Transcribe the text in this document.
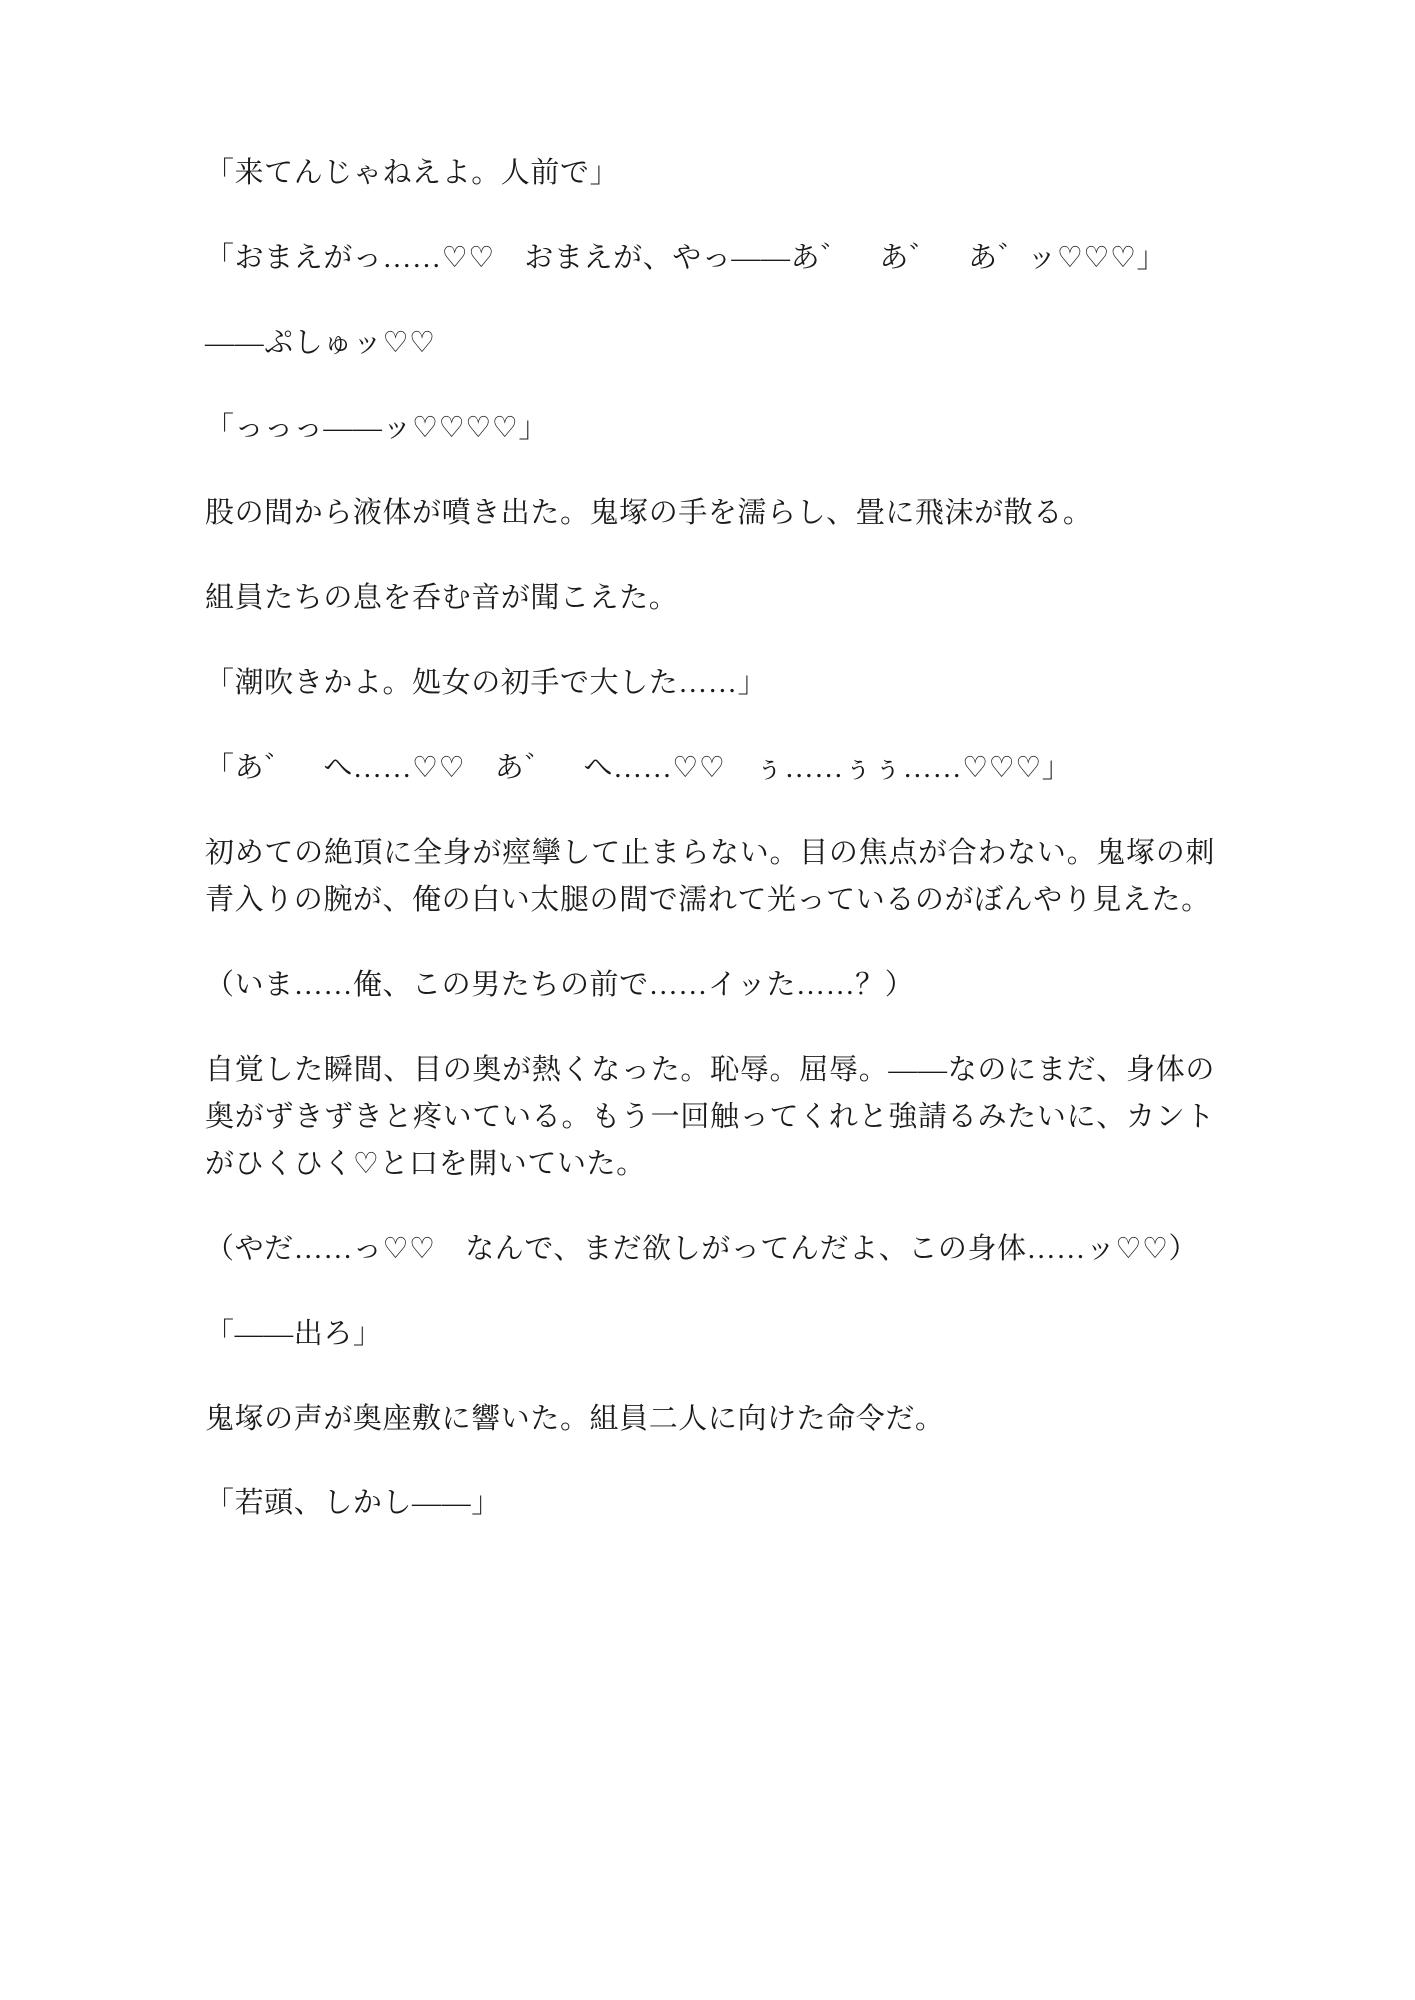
「来てんじゃねえよ。人前で」

「おまえがっ……♡♡　おまえが、やっ――あ゛　あ゛　あ゛ッ♡♡♡」

――ぷしゅッ♡♡

「っっっ――ッ♡♡♡♡」

股の間から液体が噴き出た。鬼塚の手を濡らし、畳に飛沫が散る。

組員たちの息を呑む音が聞こえた。

「潮吹きかよ。処女の初手で大した……」

「あ゛　へ……♡♡　あ゛　へ……♡♡　ぅ……ぅぅ……♡♡♡」

初めての絶頂に全身が痙攣して止まらない。目の焦点が合わない。鬼塚の刺青入りの腕が、俺の白い太腿の間で濡れて光っているのがぼんやり見えた。

（いま……俺、この男たちの前で……イッた……？）

自覚した瞬間、目の奥が熱くなった。恥辱。屈辱。――なのにまだ、身体の奥がずきずきと疼いている。もう一回触ってくれと強請るみたいに、カントがひくひく♡と口を開いていた。

（やだ……っ♡♡　なんで、まだ欲しがってんだよ、この身体……ッ♡♡）

「――出ろ」

鬼塚の声が奥座敷に響いた。組員二人に向けた命令だ。

「若頭、しかし――」
